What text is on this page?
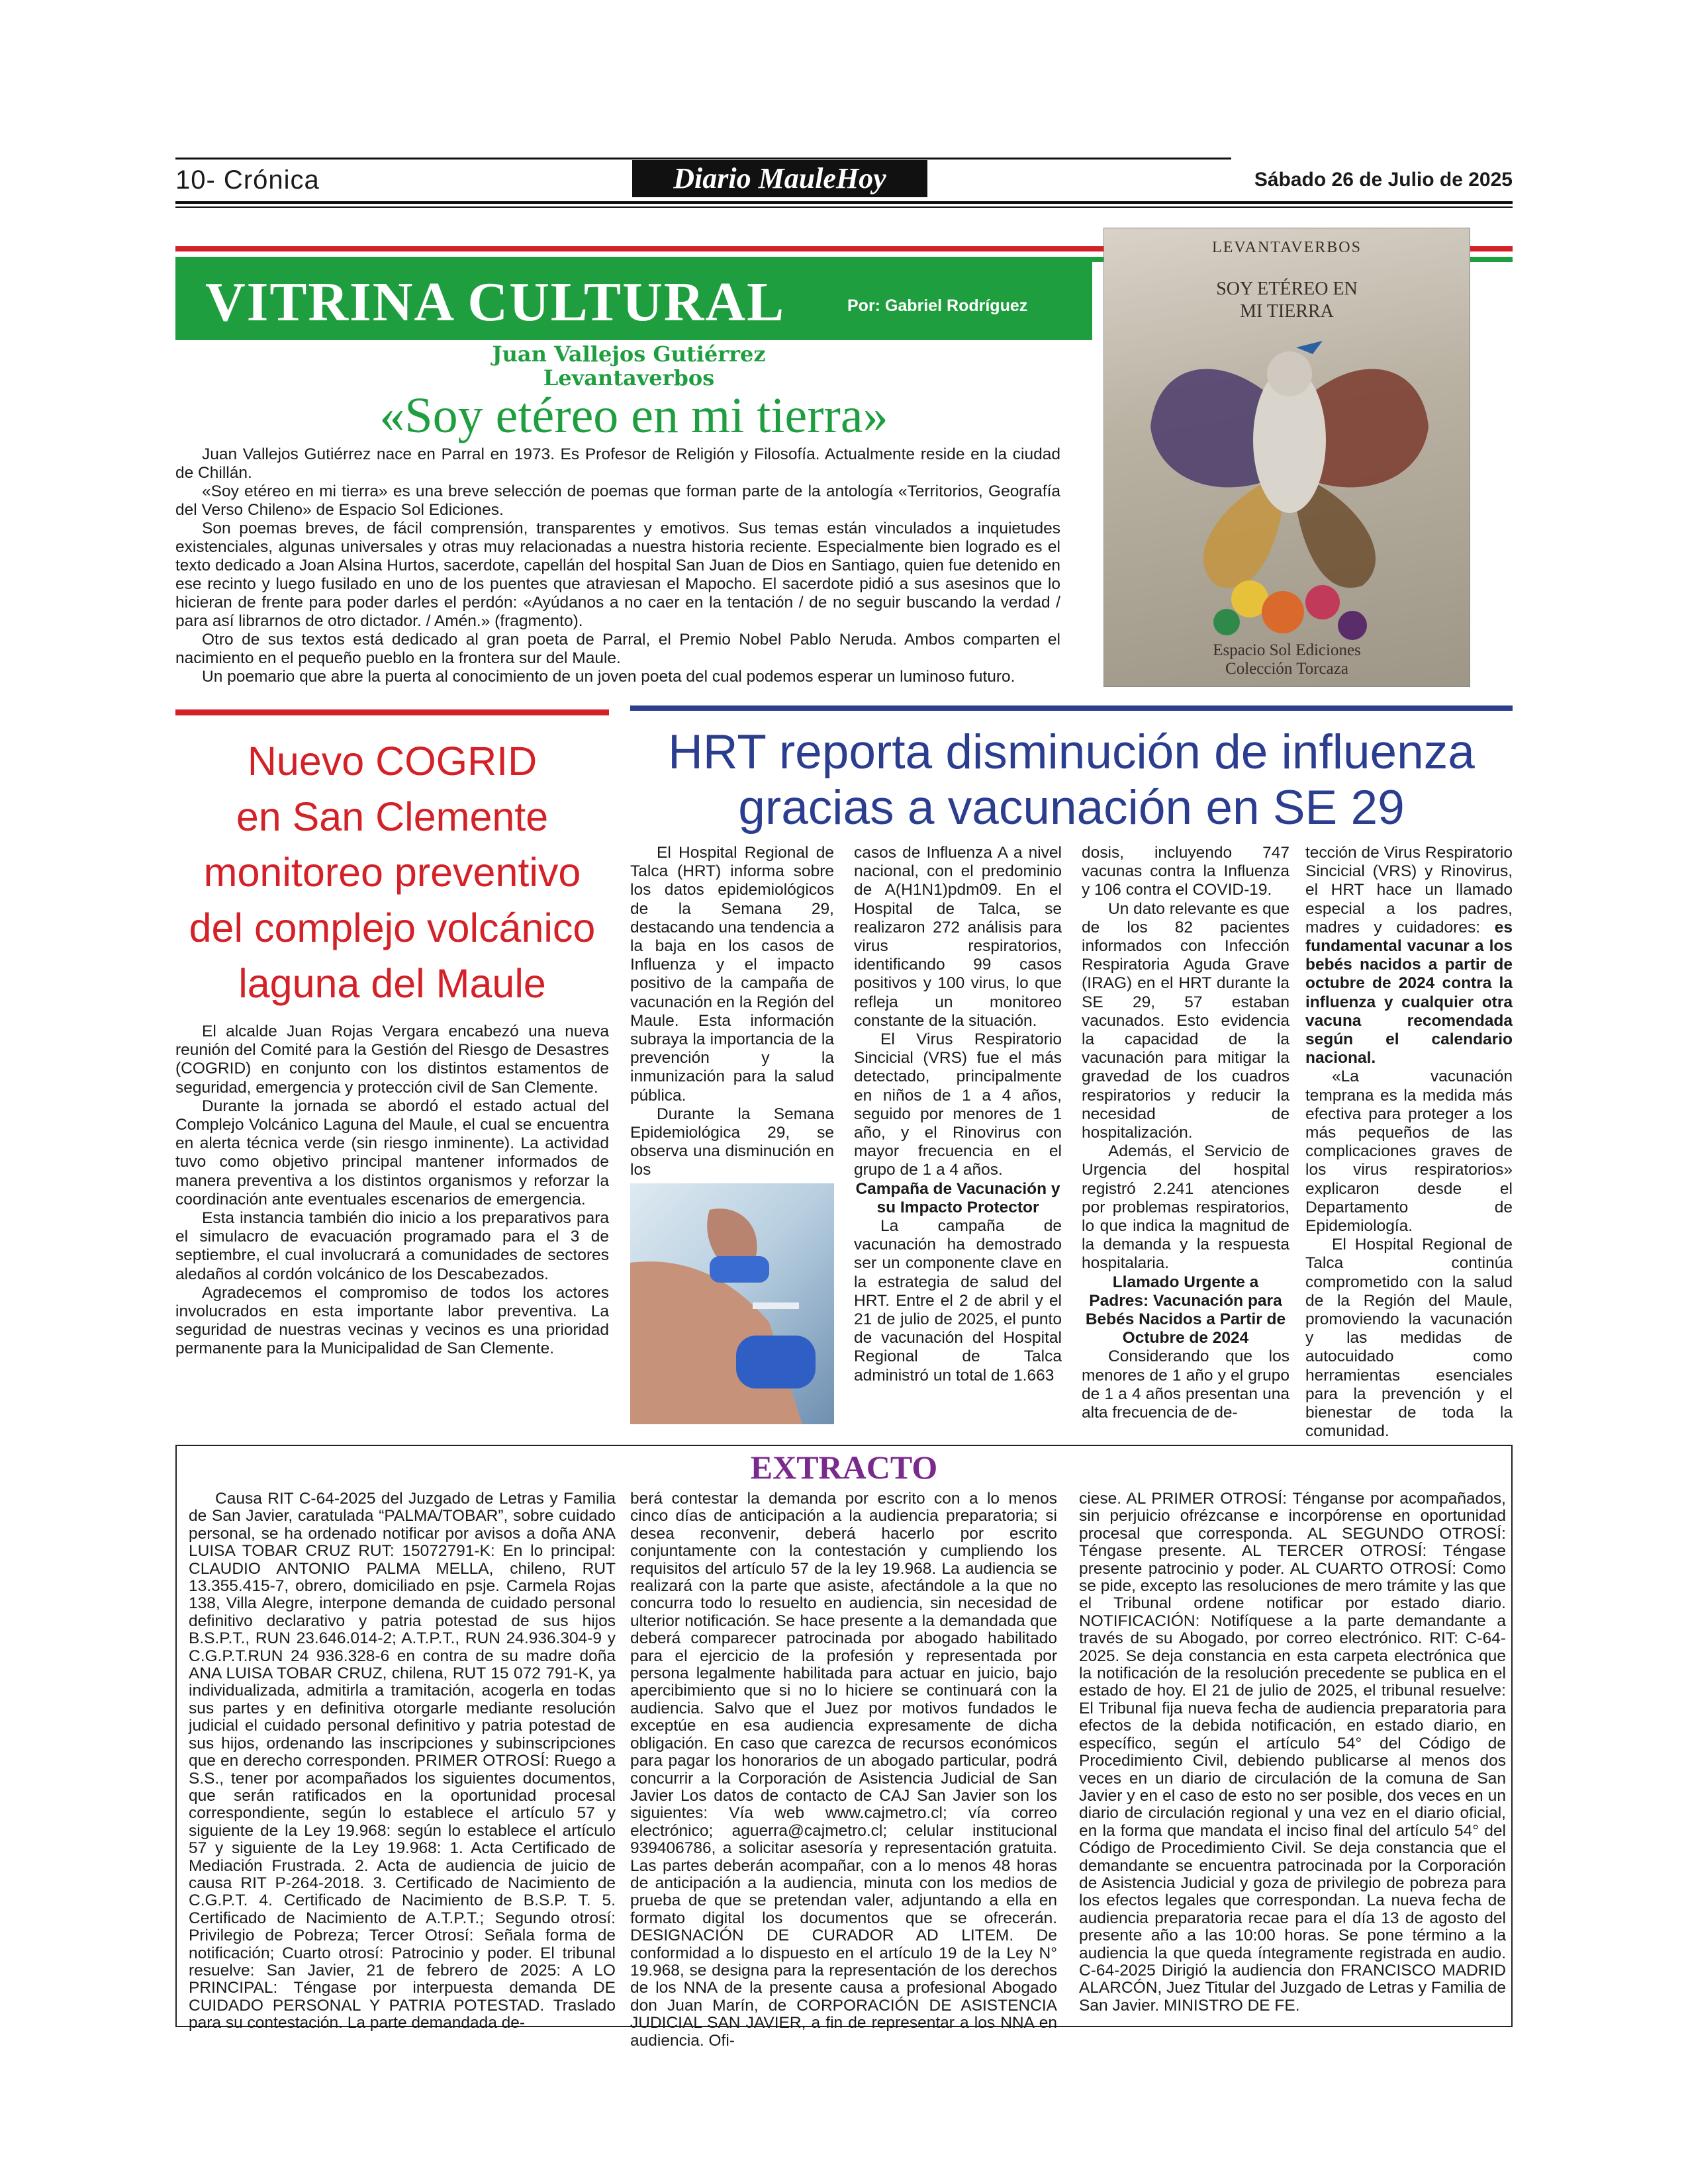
10- Crónica	Diario MauleHoy	Sábado 26 de Julio de 2025
VITRINA CULTURAL	Por: Gabriel Rodríguez
Juan Vallejos Gutiérrez
Levantaverbos
«Soy etéreo en mi tierra»

Juan Vallejos Gutiérrez nace en Parral en 1973. Es Profesor de Religión y Filosofía. Actualmente reside en la ciudad de Chillán.

«Soy etéreo en mi tierra» es una breve selección de poemas que forman parte de la antología «Territorios, Geografía del Verso Chileno» de Espacio Sol Ediciones.

Son poemas breves, de fácil comprensión, transparentes y emotivos. Sus temas están vinculados a inquietudes existenciales, algunas universales y otras muy relacionadas a nuestra historia reciente. Especialmente bien logrado es el texto dedicado a Joan Alsina Hurtos, sacerdote, capellán del hospital San Juan de Dios en Santiago, quien fue detenido en ese recinto y luego fusilado en uno de los puentes que atraviesan el Mapocho. El sacerdote pidió a sus asesinos que lo hicieran de frente para poder darles el perdón: «Ayúdanos a no caer en la tentación / de no seguir buscando la verdad / para así librarnos de otro dictador. / Amén.» (fragmento).

Otro de sus textos está dedicado al gran poeta de Parral, el Premio Nobel Pablo Neruda. Ambos comparten el nacimiento en el pequeño pueblo en la frontera sur del Maule.

Un poemario que abre la puerta al conocimiento de un joven poeta del cual podemos esperar un luminoso futuro.

LEVANTAVERBOS
SOY ETÉREO EN
MI TIERRA
Espacio Sol Ediciones
Colección Torcaza
Nuevo COGRID
en San Clemente
monitoreo preventivo
del complejo volcánico
laguna del Maule

El alcalde Juan Rojas Vergara encabezó una nueva reunión del Comité para la Gestión del Riesgo de Desastres (COGRID) en conjunto con los distintos estamentos de seguridad, emergencia y protección civil de San Clemente.

Durante la jornada se abordó el estado actual del Complejo Volcánico Laguna del Maule, el cual se encuentra en alerta técnica verde (sin riesgo inminente). La actividad tuvo como objetivo principal mantener informados de manera preventiva a los distintos organismos y reforzar la coordinación ante eventuales escenarios de emergencia.

Esta instancia también dio inicio a los preparativos para el simulacro de evacuación programado para el 3 de septiembre, el cual involucrará a comunidades de sectores aledaños al cordón volcánico de los Descabezados.

Agradecemos el compromiso de todos los actores involucrados en esta importante labor preventiva. La seguridad de nuestras vecinas y vecinos es una prioridad permanente para la Municipalidad de San Clemente.

HRT reporta disminución de influenza
gracias a vacunación en SE 29

El Hospital Regional de Talca (HRT) informa sobre los datos epidemiológicos de la Semana 29, destacando una tendencia a la baja en los casos de Influenza y el impacto positivo de la campaña de vacunación en la Región del Maule. Esta información subraya la importancia de la prevención y la inmunización para la salud pública.

Durante la Semana Epidemiológica 29, se observa una disminución en los

casos de Influenza A a nivel nacional, con el predominio de A(H1N1)pdm09. En el Hospital de Talca, se realizaron 272 análisis para virus respiratorios, identificando 99 casos positivos y 100 virus, lo que refleja un monitoreo constante de la situación.

El Virus Respiratorio Sincicial (VRS) fue el más detectado, principalmente en niños de 1 a 4 años, seguido por menores de 1 año, y el Rinovirus con mayor frecuencia en el grupo de 1 a 4 años.

Campaña de Vacunación y su Impacto Protector

La campaña de vacunación ha demostrado ser un componente clave en la estrategia de salud del HRT. Entre el 2 de abril y el 21 de julio de 2025, el punto de vacunación del Hospital Regional de Talca administró un total de 1.663

dosis, incluyendo 747 vacunas contra la Influenza y 106 contra el COVID-19.

Un dato relevante es que de los 82 pacientes informados con Infección Respiratoria Aguda Grave (IRAG) en el HRT durante la SE 29, 57 estaban vacunados. Esto evidencia la capacidad de la vacunación para mitigar la gravedad de los cuadros respiratorios y reducir la necesidad de hospitalización.

Además, el Servicio de Urgencia del hospital registró 2.241 atenciones por problemas respiratorios, lo que indica la magnitud de la demanda y la respuesta hospitalaria.

Llamado Urgente a Padres: Vacunación para Bebés Nacidos a Partir de Octubre de 2024

Considerando que los menores de 1 año y el grupo de 1 a 4 años presentan una alta frecuencia de de-

tección de Virus Respiratorio Sincicial (VRS) y Rinovirus, el HRT hace un llamado especial a los padres, madres y cuidadores: es fundamental vacunar a los bebés nacidos a partir de octubre de 2024 contra la influenza y cualquier otra vacuna recomendada según el calendario nacional.

«La vacunación temprana es la medida más efectiva para proteger a los más pequeños de las complicaciones graves de los virus respiratorios» explicaron desde el Departamento de Epidemiología.

El Hospital Regional de Talca continúa comprometido con la salud de la Región del Maule, promoviendo la vacunación y las medidas de autocuidado como herramientas esenciales para la prevención y el bienestar de toda la comunidad.

EXTRACTO

Causa RIT C-64-2025 del Juzgado de Letras y Familia de San Javier, caratulada “PALMA/TOBAR”, sobre cuidado personal, se ha ordenado notificar por avisos a doña ANA LUISA TOBAR CRUZ RUT: 15072791-K: En lo principal: CLAUDIO ANTONIO PALMA MELLA, chileno, RUT 13.355.415-7, obrero, domiciliado en psje. Carmela Rojas 138, Villa Alegre, interpone demanda de cuidado personal definitivo declarativo y patria potestad de sus hijos B.S.P.T., RUN 23.646.014-2; A.T.P.T., RUN 24.936.304-9 y C.G.P.T.RUN 24 936.328-6 en contra de su madre doña ANA LUISA TOBAR CRUZ, chilena, RUT 15 072 791-K, ya individualizada, admitirla a tramitación, acogerla en todas sus partes y en definitiva otorgarle mediante resolución judicial el cuidado personal definitivo y patria potestad de sus hijos, ordenando las inscripciones y subinscripciones que en derecho corresponden. PRIMER OTROSÍ: Ruego a S.S., tener por acompañados los siguientes documentos, que serán ratificados en la oportunidad procesal correspondiente, según lo establece el artículo 57 y siguiente de la Ley 19.968: según lo establece el artículo 57 y siguiente de la Ley 19.968: 1. Acta Certificado de Mediación Frustrada. 2. Acta de audiencia de juicio de causa RIT P-264-2018. 3. Certificado de Nacimiento de C.G.P.T. 4. Certificado de Nacimiento de B.S.P. T. 5. Certificado de Nacimiento de A.T.P.T.; Segundo otrosí: Privilegio de Pobreza; Tercer Otrosí: Señala forma de notificación; Cuarto otrosí: Patrocinio y poder. El tribunal resuelve: San Javier, 21 de febrero de 2025: A LO PRINCIPAL: Téngase por interpuesta demanda DE CUIDADO PERSONAL Y PATRIA POTESTAD. Traslado para su contestación. La parte demandada de-

berá contestar la demanda por escrito con a lo menos cinco días de anticipación a la audiencia preparatoria; si desea reconvenir, deberá hacerlo por escrito conjuntamente con la contestación y cumpliendo los requisitos del artículo 57 de la ley 19.968. La audiencia se realizará con la parte que asiste, afectándole a la que no concurra todo lo resuelto en audiencia, sin necesidad de ulterior notificación. Se hace presente a la demandada que deberá comparecer patrocinada por abogado habilitado para el ejercicio de la profesión y representada por persona legalmente habilitada para actuar en juicio, bajo apercibimiento que si no lo hiciere se continuará con la audiencia. Salvo que el Juez por motivos fundados le exceptúe en esa audiencia expresamente de dicha obligación. En caso que carezca de recursos económicos para pagar los honorarios de un abogado particular, podrá concurrir a la Corporación de Asistencia Judicial de San Javier Los datos de contacto de CAJ San Javier son los siguientes: Vía web www.cajmetro.cl; vía correo electrónico; aguerra@cajmetro.cl; celular institucional 939406786, a solicitar asesoría y representación gratuita. Las partes deberán acompañar, con a lo menos 48 horas de anticipación a la audiencia, minuta con los medios de prueba de que se pretendan valer, adjuntando a ella en formato digital los documentos que se ofrecerán. DESIGNACIÓN DE CURADOR AD LITEM. De conformidad a lo dispuesto en el artículo 19 de la Ley N° 19.968, se designa para la representación de los derechos de los NNA de la presente causa a profesional Abogado don Juan Marín, de CORPORACIÓN DE ASISTENCIA JUDICIAL SAN JAVIER, a fin de representar a los NNA en audiencia. Ofi-

ciese. AL PRIMER OTROSÍ: Ténganse por acompañados, sin perjuicio ofrézcanse e incorpórense en oportunidad procesal que corresponda. AL SEGUNDO OTROSÍ: Téngase presente. AL TERCER OTROSÍ: Téngase presente patrocinio y poder. AL CUARTO OTROSÍ: Como se pide, excepto las resoluciones de mero trámite y las que el Tribunal ordene notificar por estado diario. NOTIFICACIÓN: Notifíquese a la parte demandante a través de su Abogado, por correo electrónico. RIT: C-64-2025. Se deja constancia en esta carpeta electrónica que la notificación de la resolución precedente se publica en el estado de hoy. El 21 de julio de 2025, el tribunal resuelve: El Tribunal fija nueva fecha de audiencia preparatoria para efectos de la debida notificación, en estado diario, en específico, según el artículo 54° del Código de Procedimiento Civil, debiendo publicarse al menos dos veces en un diario de circulación de la comuna de San Javier y en el caso de esto no ser posible, dos veces en un diario de circulación regional y una vez en el diario oficial, en la forma que mandata el inciso final del artículo 54° del Código de Procedimiento Civil. Se deja constancia que el demandante se encuentra patrocinada por la Corporación de Asistencia Judicial y goza de privilegio de pobreza para los efectos legales que correspondan. La nueva fecha de audiencia preparatoria recae para el día 13 de agosto del presente año a las 10:00 horas. Se pone término a la audiencia la que queda íntegramente registrada en audio. C-64-2025 Dirigió la audiencia don FRANCISCO MADRID ALARCÓN, Juez Titular del Juzgado de Letras y Familia de San Javier. MINISTRO DE FE.
